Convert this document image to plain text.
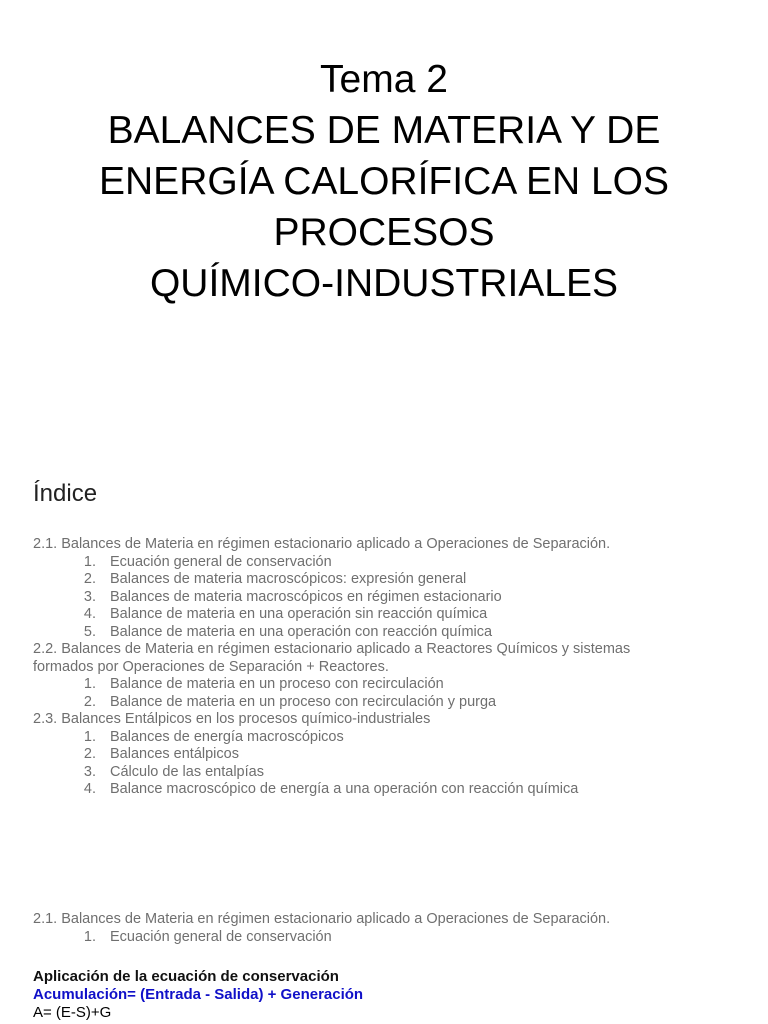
Tema 2
BALANCES DE MATERIA Y DE
ENERGÍA CALORÍFICA EN LOS
PROCESOS
QUÍMICO-INDUSTRIALES
Índice
2.1. Balances de Materia en régimen estacionario aplicado a Operaciones de Separación.
1. Ecuación general de conservación
2. Balances de materia macroscópicos: expresión general
3. Balances de materia macroscópicos en régimen estacionario
4. Balance de materia en una operación sin reacción química
5. Balance de materia en una operación con reacción química
2.2. Balances de Materia en régimen estacionario aplicado a Reactores Químicos y sistemas
formados por Operaciones de Separación + Reactores.
1. Balance de materia en un proceso con recirculación
2. Balance de materia en un proceso con recirculación y purga
2.3. Balances Entálpicos en los procesos químico-industriales
1. Balances de energía macroscópicos
2. Balances entálpicos
3. Cálculo de las entalpías
4. Balance macroscópico de energía a una operación con reacción química
2.1. Balances de Materia en régimen estacionario aplicado a Operaciones de Separación.
1. Ecuación general de conservación
Aplicación de la ecuación de conservación
Acumulación= (Entrada - Salida) + Generación
A= (E-S)+G
